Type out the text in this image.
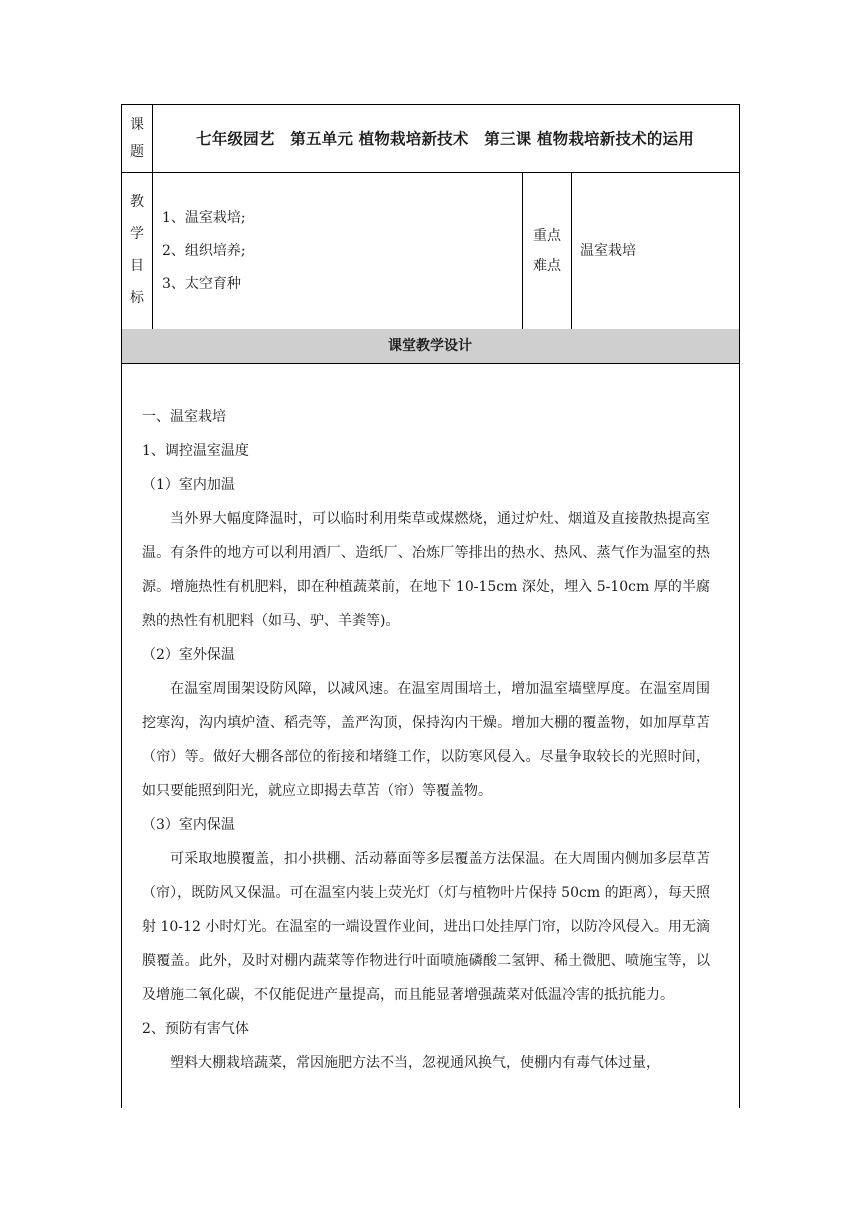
课
题
七年级园艺　第五单元 植物栽培新技术　第三课 植物栽培新技术的运用
教
学
目
标
1、温室栽培;
2、组织培养;
3、太空育种
重点
难点
温室栽培
课堂教学设计

一、温室栽培

1、调控温室温度

（1）室内加温

当外界大幅度降温时，可以临时利用柴草或煤燃烧，通过炉灶、烟道及直接散热提高室温。有条件的地方可以利用酒厂、造纸厂、冶炼厂等排出的热水、热风、蒸气作为温室的热源。增施热性有机肥料，即在种植蔬菜前，在地下 10-15cm 深处，埋入 5-10cm 厚的半腐熟的热性有机肥料（如马、驴、羊粪等)。

（2）室外保温

在温室周围架设防风障，以减风速。在温室周围培土，增加温室墙壁厚度。在温室周围挖寒沟，沟内填炉渣、稻壳等，盖严沟顶，保持沟内干燥。增加大棚的覆盖物，如加厚草苫（帘）等。做好大棚各部位的衔接和堵缝工作，以防寒风侵入。尽量争取较长的光照时间，如只要能照到阳光，就应立即揭去草苫（帘）等覆盖物。

（3）室内保温

可采取地膜覆盖，扣小拱棚、活动幕面等多层覆盖方法保温。在大周围内侧加多层草苫（帘），既防风又保温。可在温室内装上荧光灯（灯与植物叶片保持 50cm 的距离），每天照射 10-12 小时灯光。在温室的一端设置作业间，进出口处挂厚门帘，以防冷风侵入。用无滴膜覆盖。此外，及时对棚内蔬菜等作物进行叶面喷施磷酸二氢钾、稀土微肥、喷施宝等，以及增施二氧化碳，不仅能促进产量提高，而且能显著增强蔬菜对低温冷害的抵抗能力。

2、预防有害气体

塑料大棚栽培蔬菜，常因施肥方法不当，忽视通风换气，使棚内有毒气体过量，
